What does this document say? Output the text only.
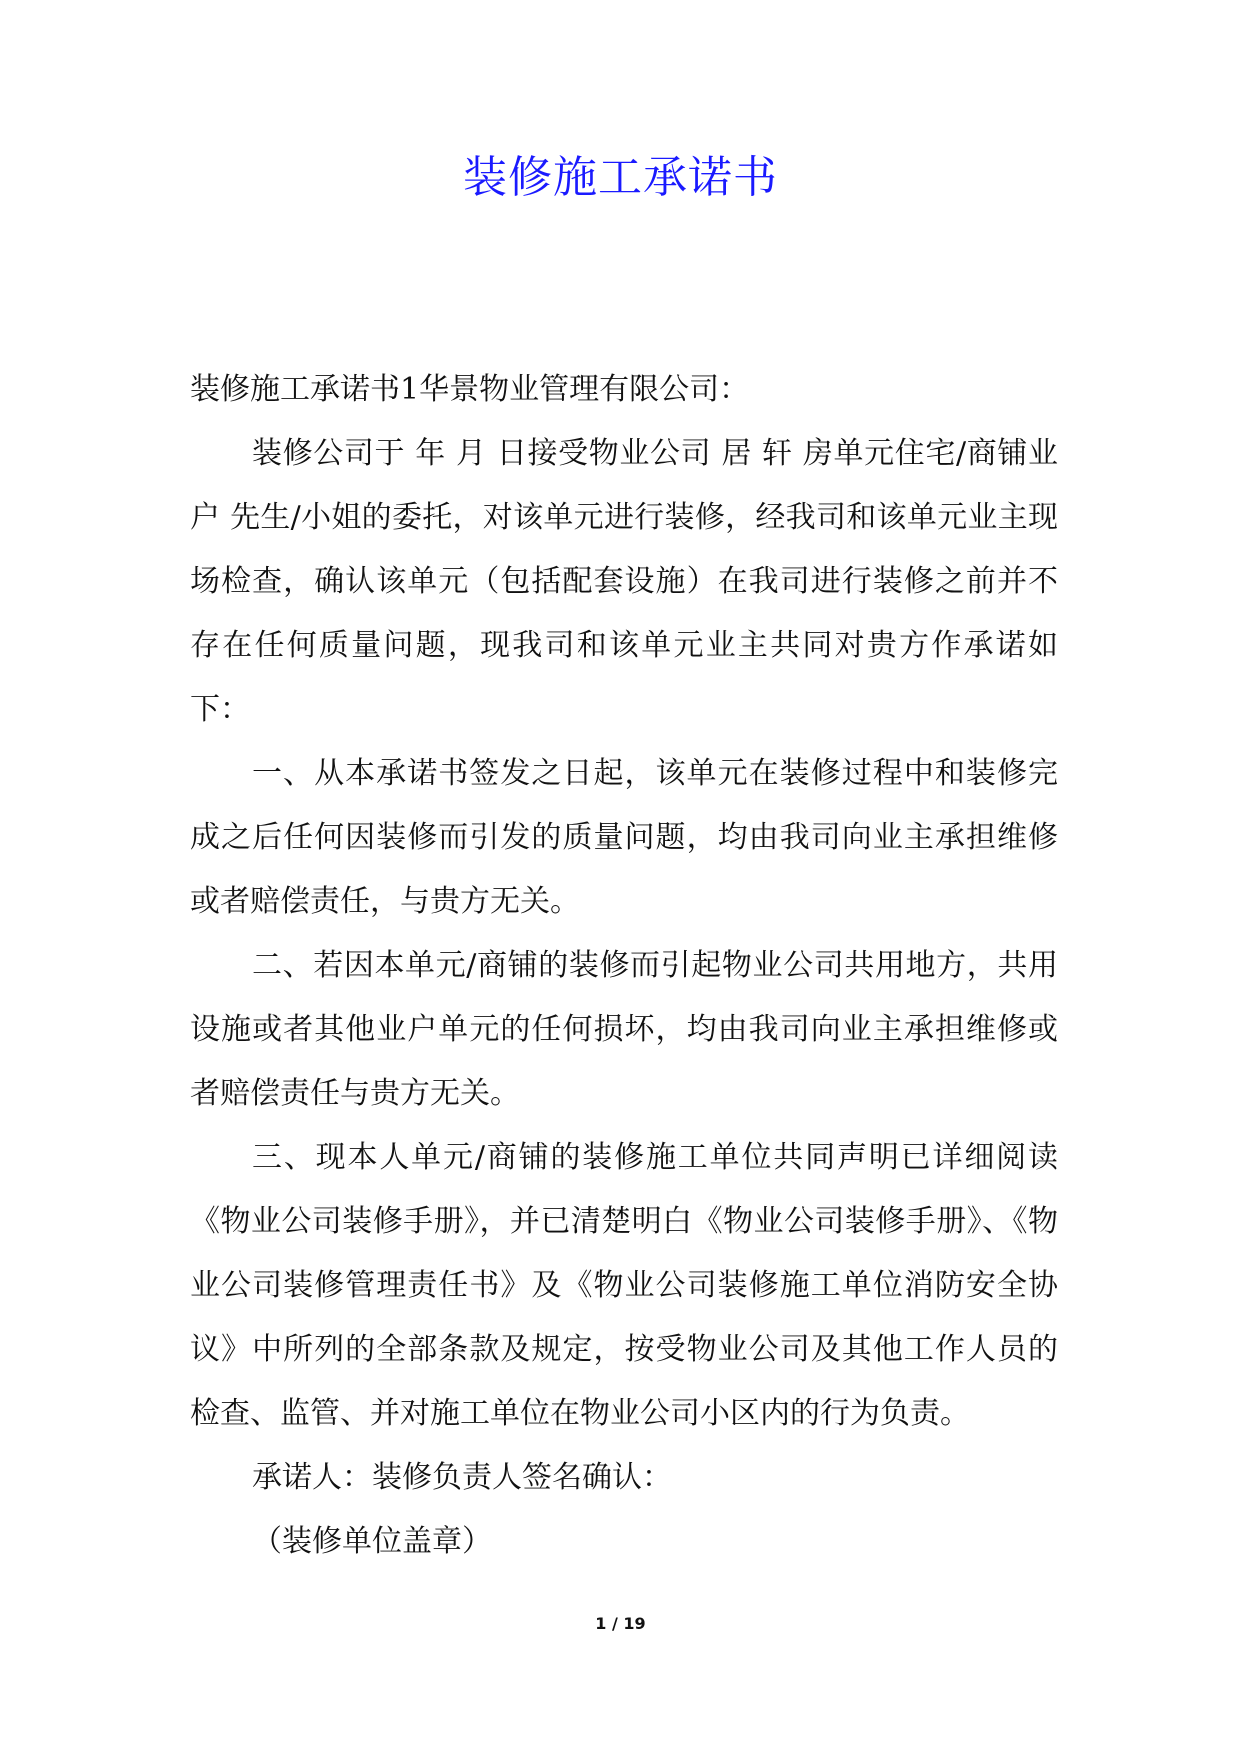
装修施工承诺书

装修施工承诺书1华景物业管理有限公司：

装修公司于 年 月 日接受物业公司 居 轩 房单元住宅/商铺业户 先生/小姐的委托，对该单元进行装修，经我司和该单元业主现场检查，确认该单元（包括配套设施）在我司进行装修之前并不存在任何质量问题，现我司和该单元业主共同对贵方作承诺如下：

一、从本承诺书签发之日起，该单元在装修过程中和装修完成之后任何因装修而引发的质量问题，均由我司向业主承担维修或者赔偿责任，与贵方无关。

二、若因本单元/商铺的装修而引起物业公司共用地方，共用设施或者其他业户单元的任何损坏，均由我司向业主承担维修或者赔偿责任与贵方无关。

三、现本人单元/商铺的装修施工单位共同声明已详细阅读《物业公司装修手册》，并已清楚明白《物业公司装修手册》、《物业公司装修管理责任书》及《物业公司装修施工单位消防安全协议》中所列的全部条款及规定，按受物业公司及其他工作人员的检查、监管、并对施工单位在物业公司小区内的行为负责。

承诺人：装修负责人签名确认：

（装修单位盖章）

1 / 19
